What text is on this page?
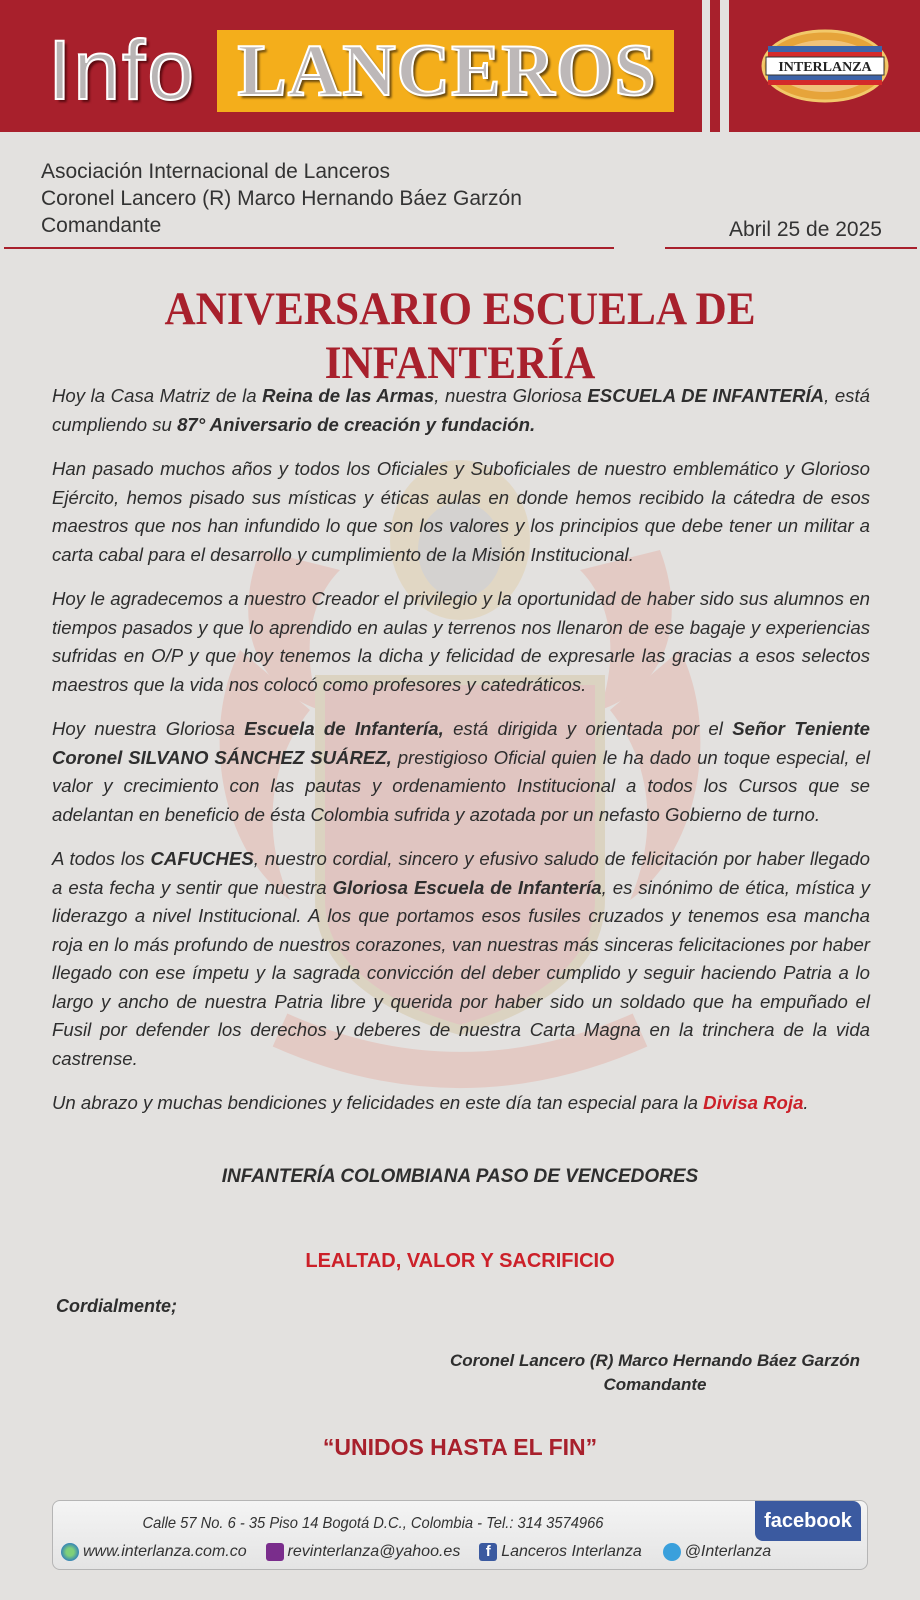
Info LANCEROS	INTERLANZA
Asociación Internacional de Lanceros
Coronel Lancero (R) Marco Hernando Báez Garzón
Comandante	Abril 25 de 2025
ANIVERSARIO ESCUELA DE INFANTERÍA

Hoy la Casa Matriz de la Reina de las Armas, nuestra Gloriosa ESCUELA DE INFANTERÍA, está cumpliendo su 87° Aniversario de creación y fundación.

Han pasado muchos años y todos los Oficiales y Suboficiales de nuestro emblemático y Glorioso Ejército, hemos pisado sus místicas y éticas aulas en donde hemos recibido la cátedra de esos maestros que nos han infundido lo que son los valores y los principios que debe tener un militar a carta cabal para el desarrollo y cumplimiento de la Misión Institucional.

Hoy le agradecemos a nuestro Creador el privilegio y la oportunidad de haber sido sus alumnos en tiempos pasados y que lo aprendido en aulas y terrenos nos llenaron de ese bagaje y experiencias sufridas en O/P y que hoy tenemos la dicha y felicidad de expresarle las gracias a esos selectos maestros que la vida nos colocó como profesores y catedráticos.

Hoy nuestra Gloriosa Escuela de Infantería, está dirigida y orientada por el Señor Teniente Coronel SILVANO SÁNCHEZ SUÁREZ, prestigioso Oficial quien le ha dado un toque especial, el valor y crecimiento con las pautas y ordenamiento Institucional a todos los Cursos que se adelantan en beneficio de ésta Colombia sufrida y azotada por un nefasto Gobierno de turno.

A todos los CAFUCHES, nuestro cordial, sincero y efusivo saludo de felicitación por haber llegado a esta fecha y sentir que nuestra Gloriosa Escuela de Infantería, es sinónimo de ética, mística y liderazgo a nivel Institucional. A los que portamos esos fusiles cruzados y tenemos esa mancha roja en lo más profundo de nuestros corazones, van nuestras más sinceras felicitaciones por haber llegado con ese ímpetu y la sagrada convicción del deber cumplido y seguir haciendo Patria a lo largo y ancho de nuestra Patria libre y querida por haber sido un soldado que ha empuñado el Fusil por defender los derechos y deberes de nuestra Carta Magna en la trinchera de la vida castrense.

Un abrazo y muchas bendiciones y felicidades en este día tan especial para la Divisa Roja.

INFANTERÍA COLOMBIANA PASO DE VENCEDORES
LEALTAD, VALOR Y SACRIFICIO
Cordialmente;
Coronel Lancero (R) Marco Hernando Báez Garzón
Comandante
“UNIDOS HASTA EL FIN”
Calle 57 No. 6 - 35 Piso 14 Bogotá D.C., Colombia - Tel.: 314 3574966
www.interlanza.com.co	revinterlanza@yahoo.es f Lanceros Interlanza	@Interlanza
facebook
